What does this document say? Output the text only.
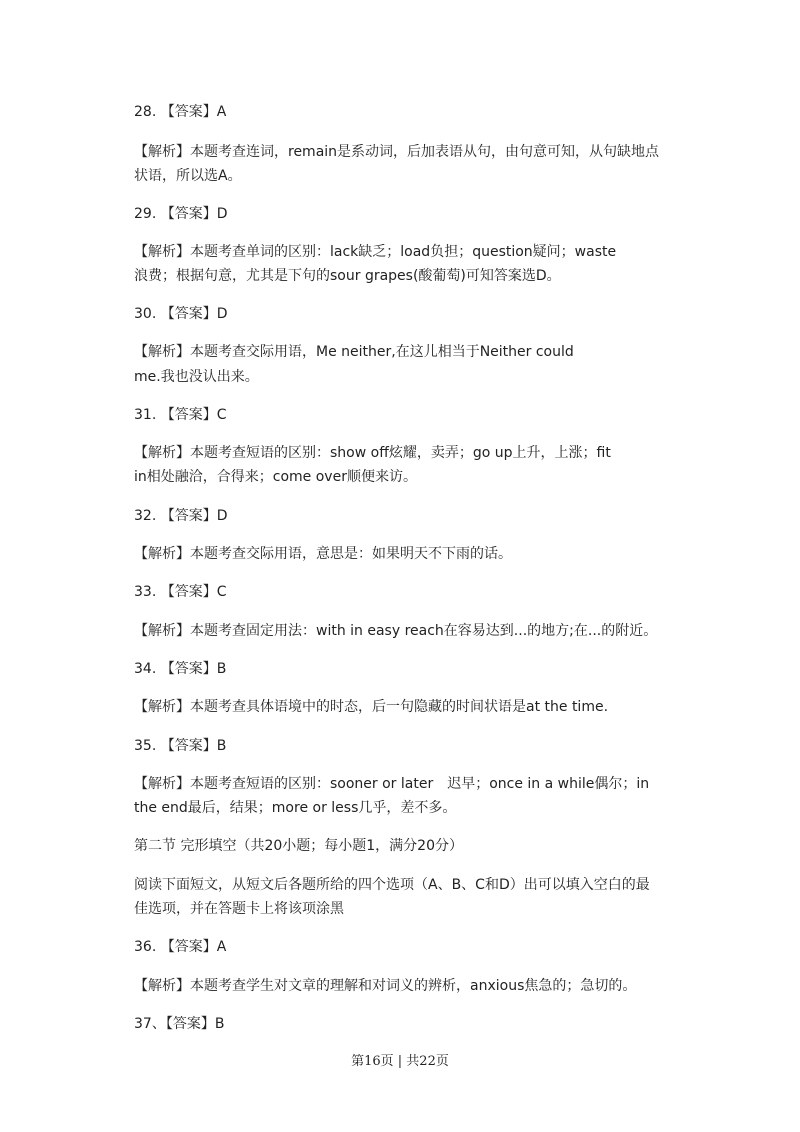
28. 【答案】A
【解析】本题考查连词，remain是系动词，后加表语从句，由句意可知，从句缺地点
状语，所以选A。
29. 【答案】D
【解析】本题考查单词的区别：lack缺乏；load负担；question疑问；waste
浪费；根据句意，尤其是下句的sour grapes(酸葡萄)可知答案选D。
30. 【答案】D
【解析】本题考查交际用语，Me neither,在这儿相当于Neither could
me.我也没认出来。
31. 【答案】C
【解析】本题考查短语的区别：show off炫耀，卖弄；go up上升，上涨；fit
in相处融洽，合得来；come over顺便来访。
32. 【答案】D
【解析】本题考查交际用语，意思是：如果明天不下雨的话。
33. 【答案】C
【解析】本题考查固定用法：with in easy reach在容易达到...的地方;在...的附近。
34. 【答案】B
【解析】本题考查具体语境中的时态，后一句隐藏的时间状语是at the time.
35. 【答案】B
【解析】本题考查短语的区别：sooner or later　迟早；once in a while偶尔；in
the end最后，结果；more or less几乎，差不多。
第二节 完形填空（共20小题；每小题1，满分20分）
阅读下面短文，从短文后各题所给的四个选项（A、B、C和D）出可以填入空白的最
佳选项，并在答题卡上将该项涂黑
36. 【答案】A
【解析】本题考查学生对文章的理解和对词义的辨析，anxious焦急的；急切的。
37、【答案】B
第16页 | 共22页
